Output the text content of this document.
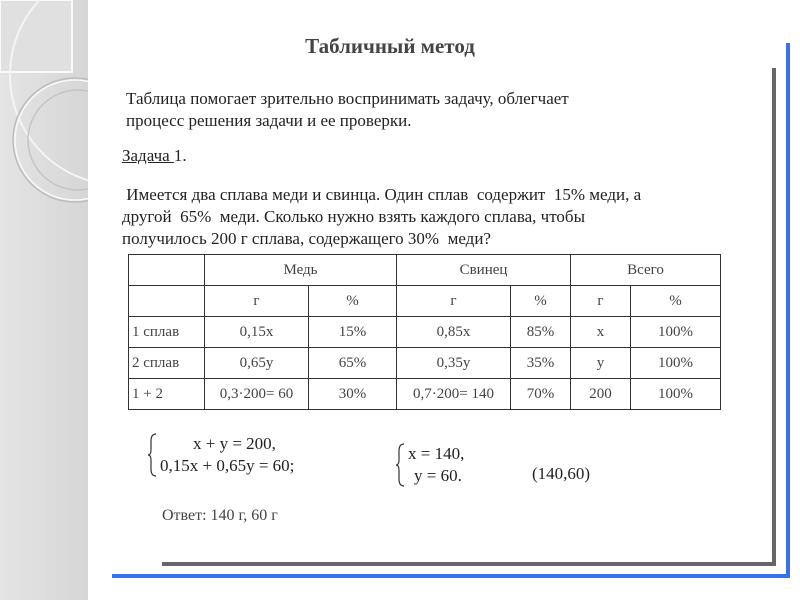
Табличный метод
Таблица помогает зрительно воспринимать задачу, облегчает
процесс решения задачи и ее проверки.
Задача 1.
Имеется два сплава меди и свинца. Один сплав  содержит  15% меди, а
другой  65%  меди. Сколько нужно взять каждого сплава, чтобы
получилось 200 г сплава, содержащего 30%  меди?
	Медь		Свинец		Всего	
	г	%	г	%	г	%
1 сплав	0,15x	15%	0,85x	85%	x	100%
2 сплав	0,65y	65%	0,35y	35%	y	100%
1 + 2	0,3·200= 60	30%	0,7·200= 140	70%	200	100%
x + y = 200,
0,15x + 0,65y = 60;
x = 140,
y = 60.	(140,60)
Ответ: 140 г, 60 г
